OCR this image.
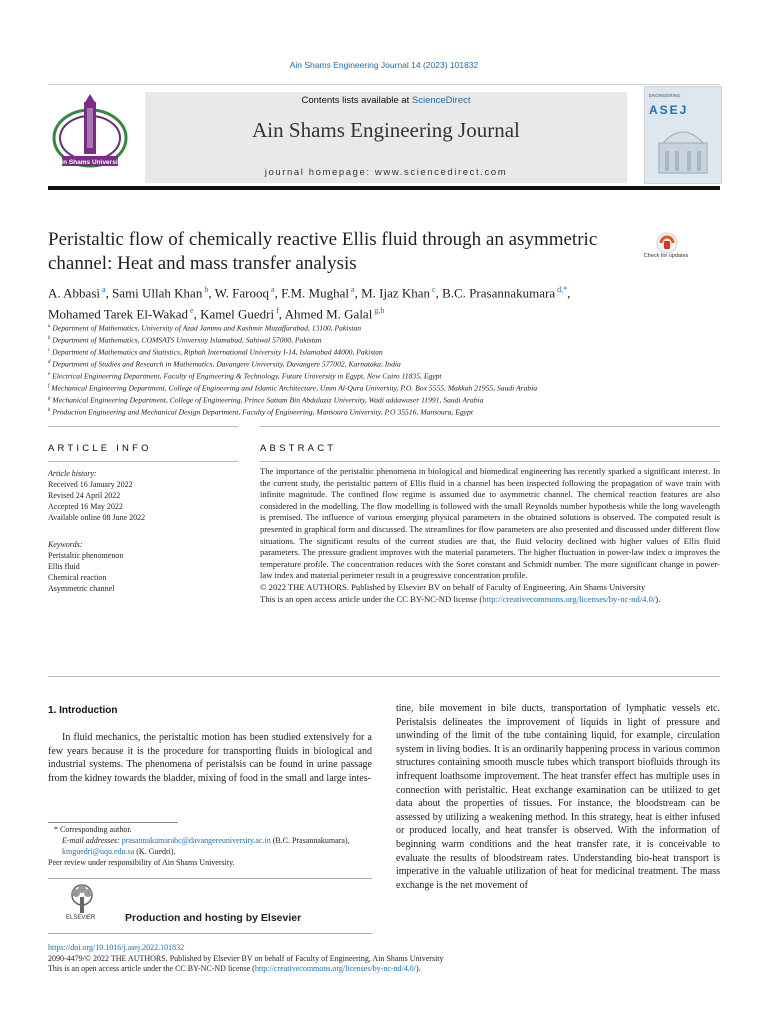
Ain Shams Engineering Journal 14 (2023) 101832
Ain Shams University
Contents lists available at ScienceDirect
Ain Shams Engineering Journal
journal homepage: www.sciencedirect.com
ENGINEERING
ASEJ
Peristaltic flow of chemically reactive Ellis fluid through an asymmetric channel: Heat and mass transfer analysis	Check for updates
A. Abbasi $^a$, Sami Ullah Khan $^b$, W. Farooq $^a$, F.M. Mughal $^a$, M. Ijaz Khan $^c$, B.C. Prasannakumara $^{d,*}$,
Mohamed Tarek El-Wakad $^e$, Kamel Guedri $^f$, Ahmed M. Galal $^{g,h}$
$^a$ Department of Mathematics, University of Azad Jammu and Kashmir Muzaffarabad, 13100, Pakistan
$^b$ Department of Mathematics, COMSATS University Islamabad, Sahiwal 57000, Pakistan
$^c$ Department of Mathematics and Statistics, Riphah International University I-14, Islamabad 44000, Pakistan
$^d$ Department of Studies and Research in Mathematics, Davangere University, Davangere 577002, Karnataka, India
$^e$ Electrical Engineering Department, Faculty of Engineering & Technology, Future University in Egypt, New Cairo 11835, Egypt
$^f$ Mechanical Engineering Department, College of Engineering and Islamic Architecture, Umm Al-Qura University, P.O. Box 5555, Makkah 21955, Saudi Arabia
$^g$ Mechanical Engineering Department, College of Engineering, Prince Sattam Bin Abdulaziz University, Wadi addawaser 11991, Saudi Arabia
$^h$ Production Engineering and Mechanical Design Department, Faculty of Engineering, Mansoura University, P.O 35516, Mansoura, Egypt
ARTICLE INFO	ABSTRACT
Article history:
Received 16 January 2022
Revised 24 April 2022
Accepted 16 May 2022
Available online 08 June 2022
Keywords:
Peristaltic phenomenon
Ellis fluid
Chemical reaction
Asymmetric channel
The importance of the peristaltic phenomena in biological and biomedical engineering has recently sparked a significant interest. In the current study, the peristaltic pattern of Ellis fluid in a channel has been inspected following the propagation of wave train with infinite magnitude. The confined flow regime is assumed due to asymmetric channel. The chemical reaction features are also considered in the modelling. The flow modelling is followed with the small Reynolds number hypothesis while the long wavelength is premised. The influence of various emerging physical parameters in the obtained solutions is observed. The computed result is presented in graphical form and discussed. The streamlines for flow parameters are also presented and discussed under different flow situations. The significant results of the current studies are that, the fluid velocity declined with higher values of Ellis fluid parameters. The pressure gradient improves with the material parameters. The higher fluctuation in power-law index α improves the temperature profile. The concentration reduces with the Soret constant and Schmidt number. The more significant change in power-law index and material perimeter result in a progressive concentration profile.
© 2022 THE AUTHORS. Published by Elsevier BV on behalf of Faculty of Engineering, Ain Shams University
This is an open access article under the CC BY-NC-ND license (http://creativecommons.org/licenses/by-nc-nd/4.0/).
1. Introduction
In fluid mechanics, the peristaltic motion has been studied extensively for a few years because it is the procedure for transporting fluids in biological and industrial systems. The phenomena of peristalsis can be found in urine passage from the kidney towards the bladder, mixing of food in the small and large intes-
tine, bile movement in bile ducts, transportation of lymphatic vessels etc. Peristalsis delineates the improvement of liquids in light of pressure and unwinding of the limit of the tube containing liquid, for example, circulation system in living bodies. It is an ordinarily happening process in various common structures containing smooth muscle tubes which transport biofluids through its infrequent loathsome improvement. The heat transfer effect has multiple uses in connection with peristaltic. Heat exchange examination can be utilized to get data about the properties of tissues. For instance, the bloodstream can be assessed by utilizing a weakening method. In this strategy, heat is either infused or produced locally, and heat transfer is observed. With the information of beginning warm conditions and the heat transfer rate, it is conceivable to evaluate the results of bloodstream rates. Understanding bio-heat transport is imperative in the valuable utilization of heat for medicinal treatment. The mass exchange is the net movement of
* Corresponding author.
E-mail addresses: prasannakumarabc@davangereuniversity.ac.in (B.C. Prasannakumara), kmguedri@uqu.edu.sa (K. Guedri).
Peer review under responsibility of Ain Shams University.
ELSEVIER	Production and hosting by Elsevier
https://doi.org/10.1016/j.asej.2022.101832
2090-4479/© 2022 THE AUTHORS. Published by Elsevier BV on behalf of Faculty of Engineering, Ain Shams University
This is an open access article under the CC BY-NC-ND license (http://creativecommons.org/licenses/by-nc-nd/4.0/).
